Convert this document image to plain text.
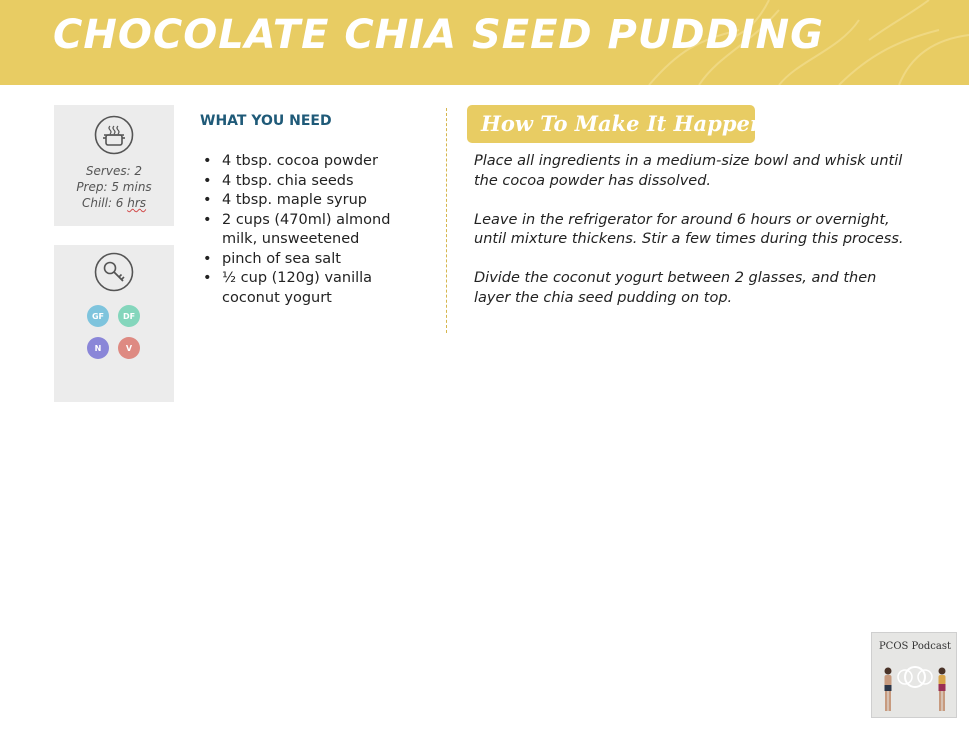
CHOCOLATE CHIA SEED PUDDING
Serves: 2
Prep: 5 mins
Chill: 6 hrs
GF	DF
N	V
WHAT YOU NEED
• 4 tbsp. cocoa powder
• 4 tbsp. chia seeds
• 4 tbsp. maple syrup
• 2 cups (470ml) almond milk, unsweetened
• pinch of sea salt
• ½ cup (120g) vanilla coconut yogurt
How To Make It Happen

Place all ingredients in a medium-size bowl and whisk until the cocoa powder has dissolved.

Leave in the refrigerator for around 6 hours or overnight, until mixture thickens. Stir a few times during this process.

Divide the coconut yogurt between 2 glasses, and then layer the chia seed pudding on top.

PCOS Podcast
